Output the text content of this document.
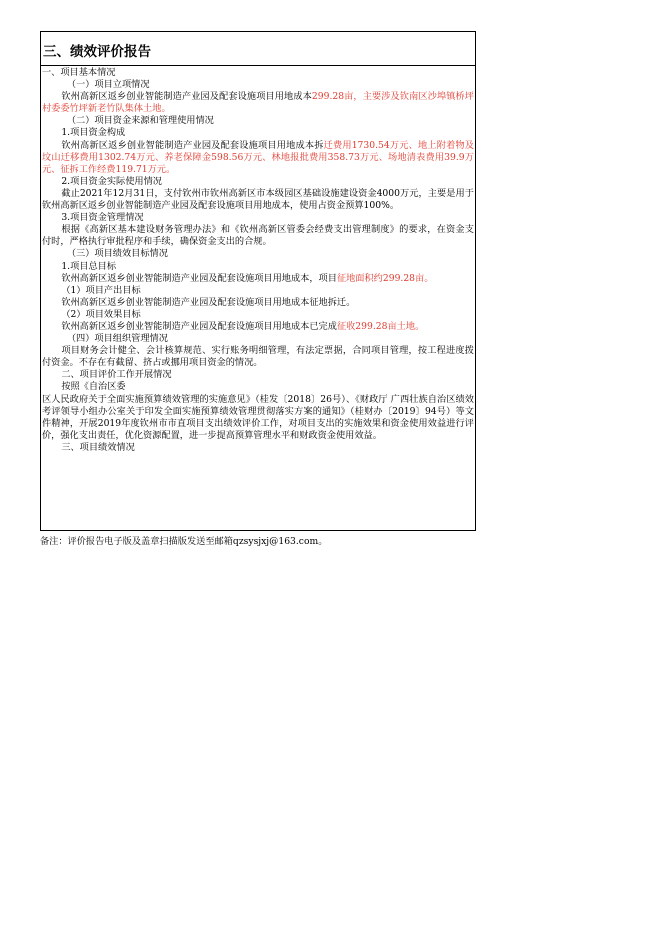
三、绩效评价报告
一、项目基本情况
（一）项目立项情况
钦州高新区返乡创业智能制造产业园及配套设施项目用地成本299.28亩，主要涉及钦南区沙埠镇桥坪村委委竹坪新老竹队集体土地。
（二）项目资金来源和管理使用情况
1.项目资金构成
钦州高新区返乡创业智能制造产业园及配套设施项目用地成本拆迁费用1730.54万元、地上附着物及坟山迁移费用1302.74万元、养老保障金598.56万元、林地报批费用358.73万元、场地清表费用39.9万元、征拆工作经费119.71万元。
2.项目资金实际使用情况
截止2021年12月31日，支付钦州市钦州高新区市本级园区基础设施建设资金4000万元，主要是用于钦州高新区返乡创业智能制造产业园及配套设施项目用地成本，使用占资金预算100%。
3.项目资金管理情况
根据《高新区基本建设财务管理办法》和《钦州高新区管委会经费支出管理制度》的要求，在资金支付时，严格执行审批程序和手续，确保资金支出的合规。
（三）项目绩效目标情况
1.项目总目标
钦州高新区返乡创业智能制造产业园及配套设施项目用地成本，项目征地面积约299.28亩。
（1）项目产出目标
钦州高新区返乡创业智能制造产业园及配套设施项目用地成本征地拆迁。
（2）项目效果目标
钦州高新区返乡创业智能制造产业园及配套设施项目用地成本已完成征收299.28亩土地。
（四）项目组织管理情况
项目财务会计健全、会计核算规范、实行账务明细管理，有法定票据，合同项目管理，按工程进度拨付资金。不存在有截留、挤占或挪用项目资金的情况。
二、项目评价工作开展情况
按照《自治区委
区人民政府关于全面实施预算绩效管理的实施意见》（桂发〔2018〕26号）、《财政厅 广西壮族自治区绩效考评领导小组办公室关于印发全面实施预算绩效管理贯彻落实方案的通知》（桂财办〔2019〕94号）等文件精神，开展2019年度钦州市市直项目支出绩效评价工作，对项目支出的实施效果和资金使用效益进行评价，强化支出责任，优化资源配置，进一步提高预算管理水平和财政资金使用效益。
三、项目绩效情况
备注：评价报告电子版及盖章扫描版发送至邮箱qzsysjxj@163.com。
